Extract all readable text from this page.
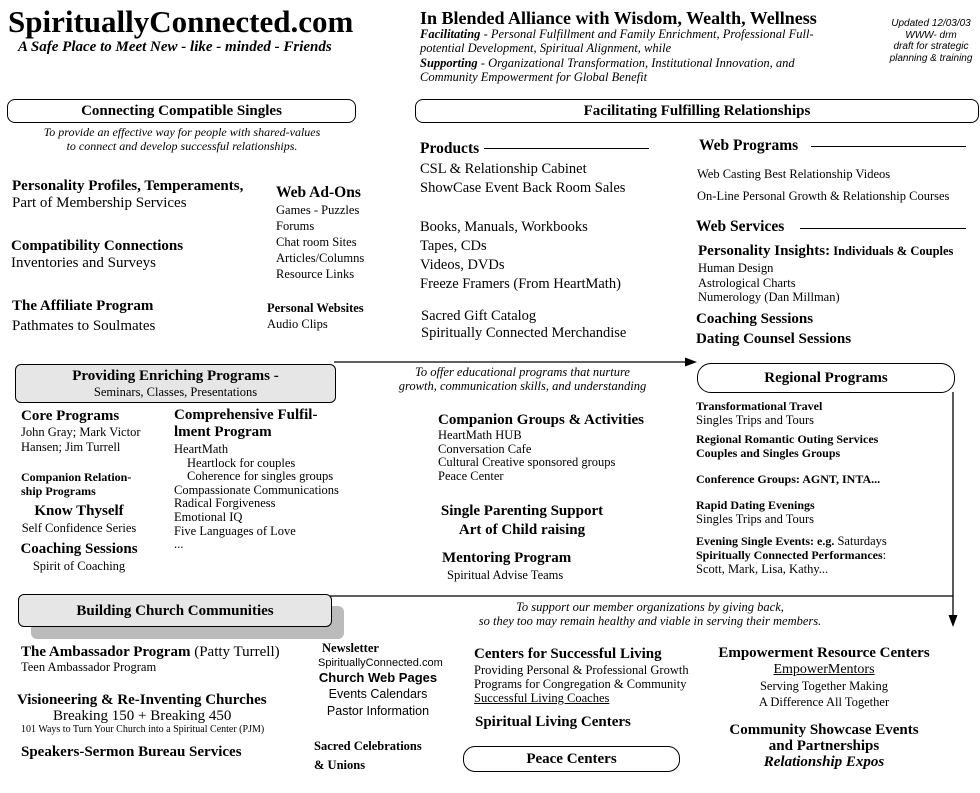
SpirituallyConnected.com
A Safe Place to Meet New - like - minded - Friends
In Blended Alliance with Wisdom, Wealth, Wellness
Facilitating - Personal Fulfillment and Family Enrichment, Professional Full-potential Development, Spiritual Alignment, while
Supporting - Organizational Transformation, Institutional Innovation, and Community Empowerment for Global Benefit
Updated 12/03/03
WWW- drm
draft for strategic
planning & training
Connecting Compatible Singles
To provide an effective way for people with shared-values
to connect and develop successful relationships.
Personality Profiles, Temperaments,
Part of Membership Services
Compatibility Connections
Inventories and Surveys
The Affiliate Program
Pathmates to Soulmates
Web Ad-Ons
Games - Puzzles
Forums
Chat room Sites
Articles/Columns
Resource Links
Personal Websites
Audio Clips
Facilitating Fulfilling Relationships
Products
CSL & Relationship Cabinet
ShowCase Event Back Room Sales
Books, Manuals, Workbooks
Tapes, CDs
Videos, DVDs
Freeze Framers (From HeartMath)
Sacred Gift Catalog
Spiritually Connected Merchandise
Web Programs
Web Casting Best Relationship Videos
On-Line Personal Growth & Relationship Courses
Web Services
Personality Insights: Individuals & Couples
Human Design
Astrological Charts
Numerology (Dan Millman)
Coaching Sessions
Dating Counsel Sessions
Providing Enriching Programs -
Seminars, Classes, Presentations
To offer educational programs that nurture
growth, communication skills, and understanding
Core Programs
John Gray; Mark Victor
Hansen; Jim Turrell
Companion Relation-
ship Programs
Know Thyself
Self Confidence Series
Coaching Sessions
Spirit of Coaching
Comprehensive Fulfil-
lment Program
HeartMath
Heartlock for couples
Coherence for singles groups
Compassionate Communications
Radical Forgiveness
Emotional IQ
Five Languages of Love
...
Companion Groups & Activities
HeartMath HUB
Conversation Cafe
Cultural Creative sponsored groups
Peace Center
Single Parenting Support
Art of Child raising
Mentoring Program
Spiritual Advise Teams
Regional Programs
Transformational Travel
Singles Trips and Tours
Regional Romantic Outing Services
Couples and Singles Groups
Conference Groups: AGNT, INTA...
Rapid Dating Evenings
Singles Trips and Tours
Evening Single Events: e.g. Saturdays
Spiritually Connected Performances:
Scott, Mark, Lisa, Kathy...
Building Church Communities	To support our member organizations by giving back,
so they too may remain healthy and viable in serving their members.
The Ambassador Program (Patty Turrell)
Teen Ambassador Program
Visioneering & Re-Inventing Churches
Breaking 150 + Breaking 450
101 Ways to Turn Your Church into a Spiritual Center (PJM)
Speakers-Sermon Bureau Services
Newsletter
SpirituallyConnected.com
Church Web Pages
Events Calendars
Pastor Information
Sacred Celebrations
& Unions
Centers for Successful Living
Providing Personal & Professional Growth
Programs for Congregation & Community
Successful Living Coaches
Spiritual Living Centers
Peace Centers
Empowerment Resource Centers
EmpowerMentors
Serving Together Making
A Difference All Together
Community Showcase Events
and Partnerships
Relationship Expos
